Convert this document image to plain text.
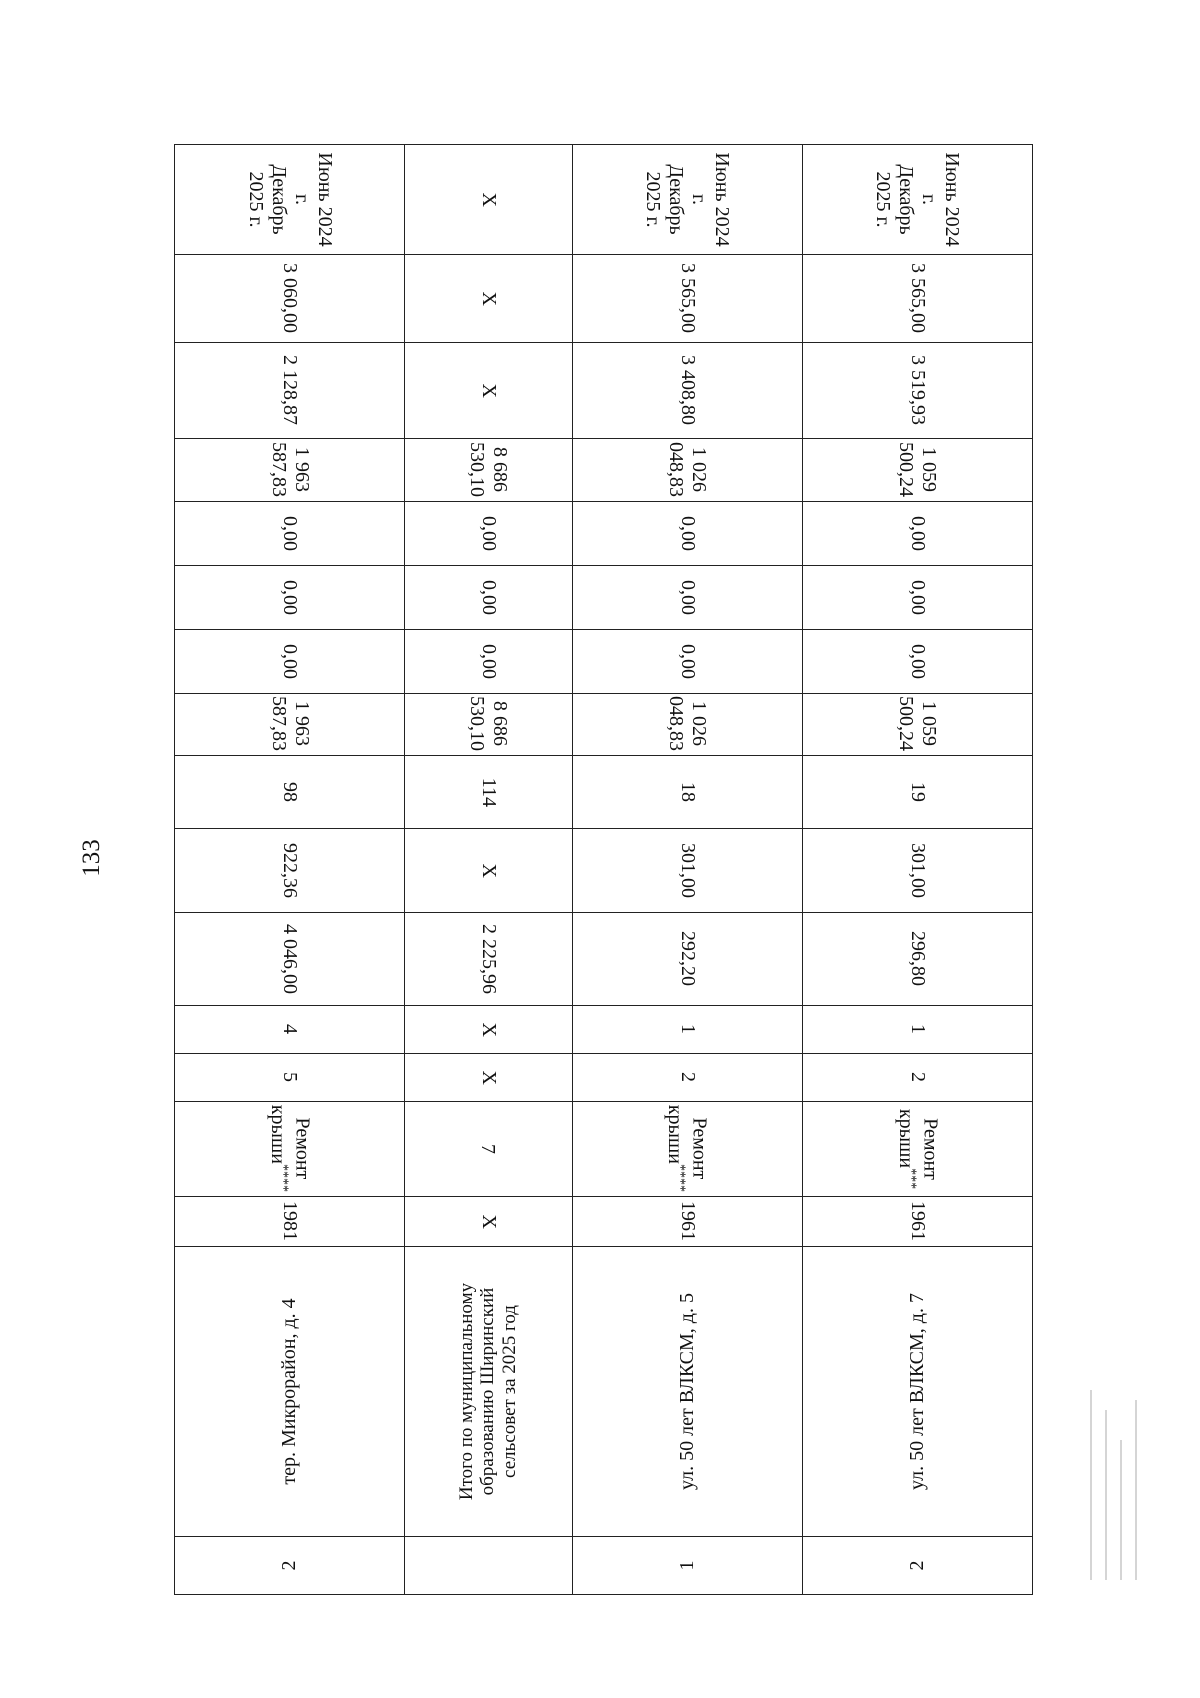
133
2	тер. Микрорайон, д. 4	1981	Ремонт крыши****	5	4	4 046,00	922,36	98	1 963 587,83	0,00	0,00	0,00	1 963 587,83	2 128,87	3 060,00	Июнь 2024 г.
Декабрь 2025 г.

	Итого по муниципальному образованию Ширинский сельсовет за 2025 год	Х	7	Х	Х	2 225,96	Х	114	8 686 530,10	0,00	0,00	0,00	8 686 530,10	Х	Х	Х

1	ул. 50 лет ВЛКСМ, д. 5	1961	Ремонт крыши****	2	1	292,20	301,00	18	1 026 048,83	0,00	0,00	0,00	1 026 048,83	3 408,80	3 565,00	Июнь 2024 г.
Декабрь 2025 г.

2	ул. 50 лет ВЛКСМ, д. 7	1961	Ремонт крыши***	2	1	296,80	301,00	19	1 059 500,24	0,00	0,00	0,00	1 059 500,24	3 519,93	3 565,00	Июнь 2024 г.
Декабрь 2025 г.
